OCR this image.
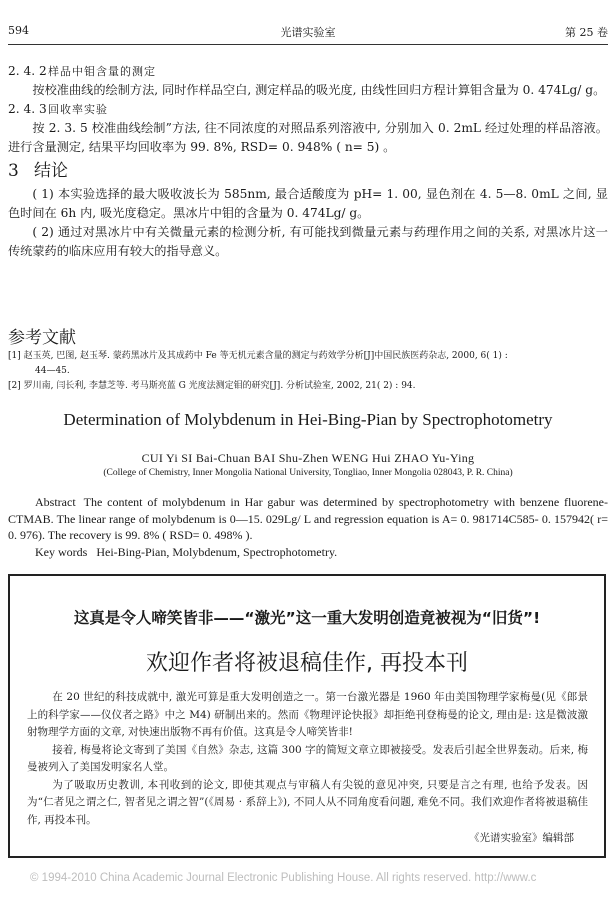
594	光谱实验室	第 25 卷

2. 4. 2样品中钼含量的测定

按校准曲线的绘制方法, 同时作样品空白, 测定样品的吸光度, 由线性回归方程计算钼含量为 0. 474Lg/ g。

2. 4. 3回收率实验

按 2. 3. 5 校准曲线绘制”方法, 往不同浓度的对照品系列溶液中, 分别加入 0. 2mL 经过处理的样品溶液。进行含量测定, 结果平均回收率为 99. 8%, RSD= 0. 948% ( n= 5) 。

3 结论

( 1) 本实验选择的最大吸收波长为 585nm, 最合适酸度为 pH= 1. 00, 显色剂在 4. 5—8. 0mL 之间, 显色时间在 6h 内, 吸光度稳定。黑冰片中钼的含量为 0. 474Lg/ g。

( 2) 通过对黑冰片中有关微量元素的检测分析, 有可能找到微量元素与药理作用之间的关系, 对黑冰片这一传统蒙药的临床应用有较大的指导意义。

参考文献

[1] 赵玉英, 巴图, 赵玉琴. 蒙药黑冰片及其成药中 Fe 等无机元素含量的测定与药效学分析[J]中国民族医药杂志, 2000, 6( 1) :
44—45.

[2] 罗川南, 闫长利, 李慧芝等. 考马斯亮蓝 G 光度法测定钼的研究[J]. 分析试验室, 2002, 21( 2) : 94.

Determination of Molybdenum in Hei-Bing-Pian by Spectrophotometry
CUI Yi SI Bai-Chuan BAI Shu-Zhen WENG Hui ZHAO Yu-Ying
(College of Chemistry, Inner Mongolia National University, Tongliao, Inner Mongolia 028043, P. R. China)

Abstract The content of molybdenum in Har gabur was determined by spectrophotometry with benzene fluorene-CTMAB. The linear range of molybdenum is 0—15. 029Lg/ L and regression equation is A= 0. 981714C585- 0. 157942( r= 0. 976). The recovery is 99. 8% ( RSD= 0. 498% ).

Key words Hei-Bing-Pian, Molybdenum, Spectrophotometry.

这真是令人啼笑皆非——“激光”这一重大发明创造竟被视为“旧货”!
欢迎作者将被退稿佳作, 再投本刊

在 20 世纪的科技成就中, 激光可算是重大发明创造之一。第一台激光器是 1960 年由美国物理学家梅曼(见《郎景上的科学家——仪仪者之路》中之 M4) 研制出来的。然而《物理评论快报》却拒绝刊登梅曼的论文, 理由是: 这是微波激射物理学方面的文章, 对快速出版物不再有价值。这真是令人啼笑皆非!

接着, 梅曼将论文寄到了美国《自然》杂志, 这篇 300 字的简短文章立即被接受。发表后引起全世界轰动。后来, 梅曼被列入了美国发明家名人堂。

为了吸取历史教训, 本刊收到的论文, 即使其观点与审稿人有尖锐的意见冲突, 只要是言之有理, 也给予发表。因为“仁者见之谓之仁, 智者见之谓之智”(《周易 · 系辞上》), 不同人从不同角度看问题, 难免不同。我们欢迎作者将被退稿佳作, 再投本刊。

《光谱实验室》编辑部
© 1994-2010 China Academic Journal Electronic Publishing House. All rights reserved. http://www.c
